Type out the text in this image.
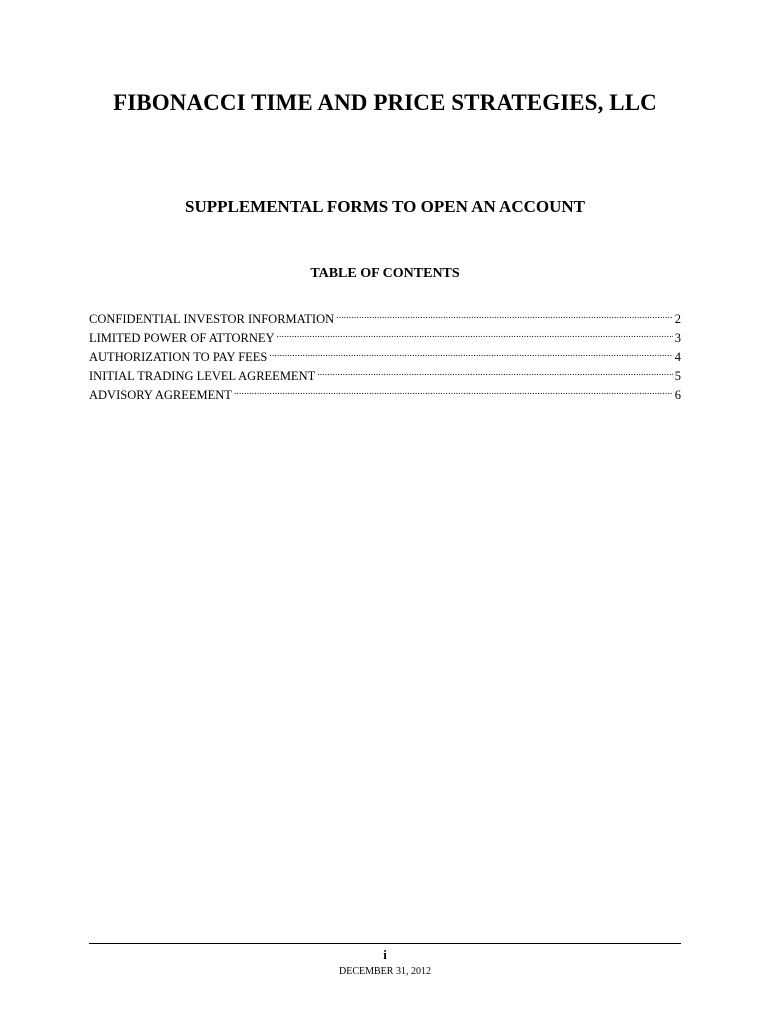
FIBONACCI TIME AND PRICE STRATEGIES, LLC
SUPPLEMENTAL FORMS TO OPEN AN ACCOUNT
TABLE OF CONTENTS
CONFIDENTIAL INVESTOR INFORMATION .....	2
LIMITED POWER OF ATTORNEY .....	3
AUTHORIZATION TO PAY FEES .....	4
INITIAL TRADING LEVEL AGREEMENT .....	5
ADVISORY AGREEMENT .....	6
i
DECEMBER 31, 2012
